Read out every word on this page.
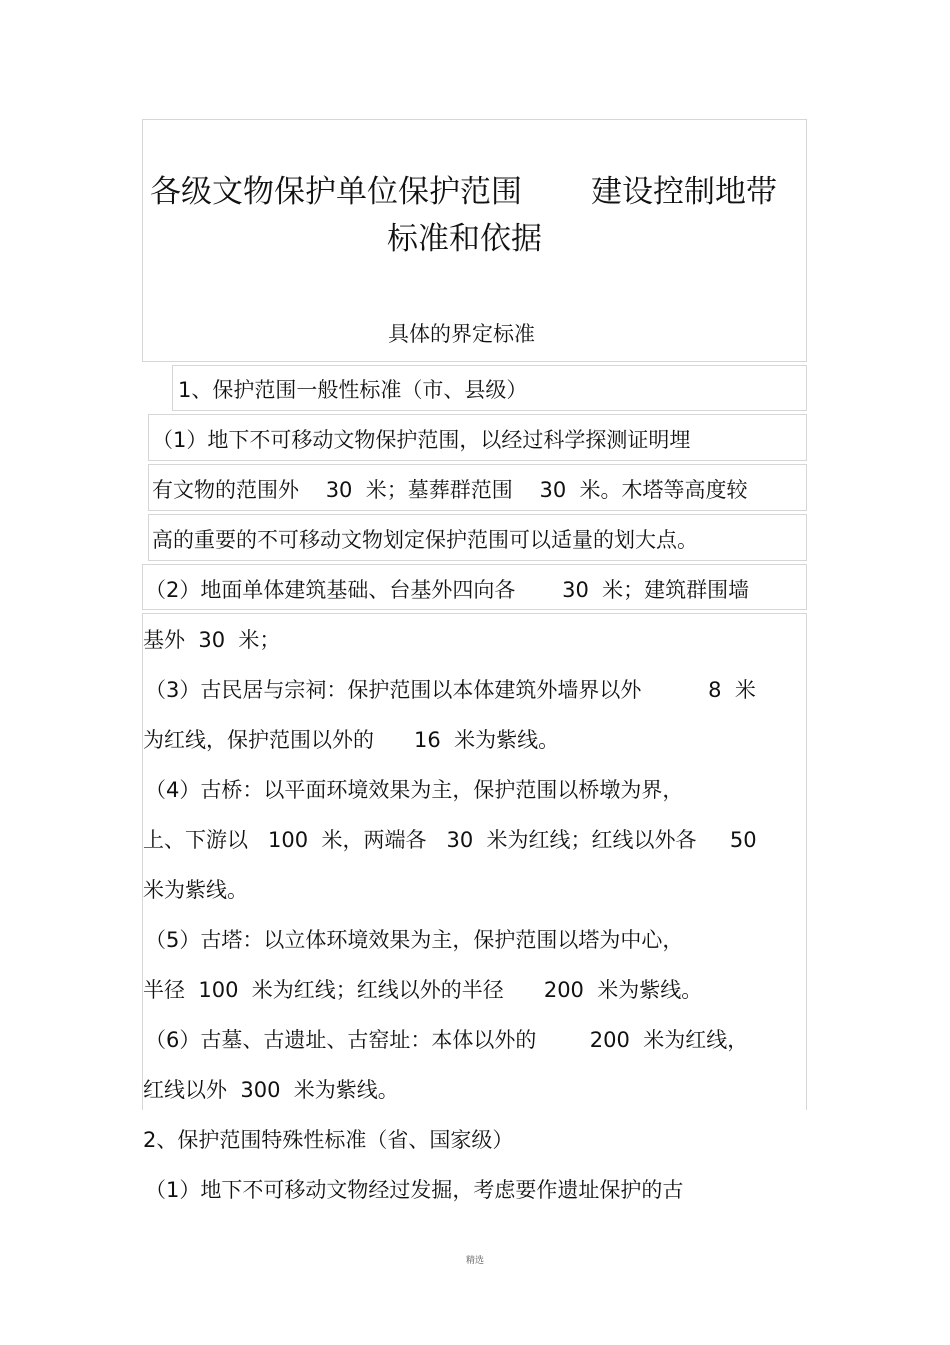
各级文物保护单位保护范围 建设控制地带
标准和依据
具体的界定标准
1、保护范围一般性标准（市、县级）
（1）地下不可移动文物保护范围，以经过科学探测证明埋
有文物的范围外    30  米；墓葬群范围    30  米。木塔等高度较
高的重要的不可移动文物划定保护范围可以适量的划大点。
（2）地面单体建筑基础、台基外四向各       30  米；建筑群围墙
基外  30  米；
（3）古民居与宗祠：保护范围以本体建筑外墙界以外          8  米
为红线，保护范围以外的      16  米为紫线。
（4）古桥：以平面环境效果为主，保护范围以桥墩为界，
上、下游以   100  米，两端各   30  米为红线；红线以外各     50
米为紫线。
（5）古塔：以立体环境效果为主，保护范围以塔为中心，
半径  100  米为红线；红线以外的半径      200  米为紫线。
（6）古墓、古遗址、古窑址：本体以外的        200  米为红线，
红线以外  300  米为紫线。
2、保护范围特殊性标准（省、国家级）
（1）地下不可移动文物经过发掘，考虑要作遗址保护的古
精选
